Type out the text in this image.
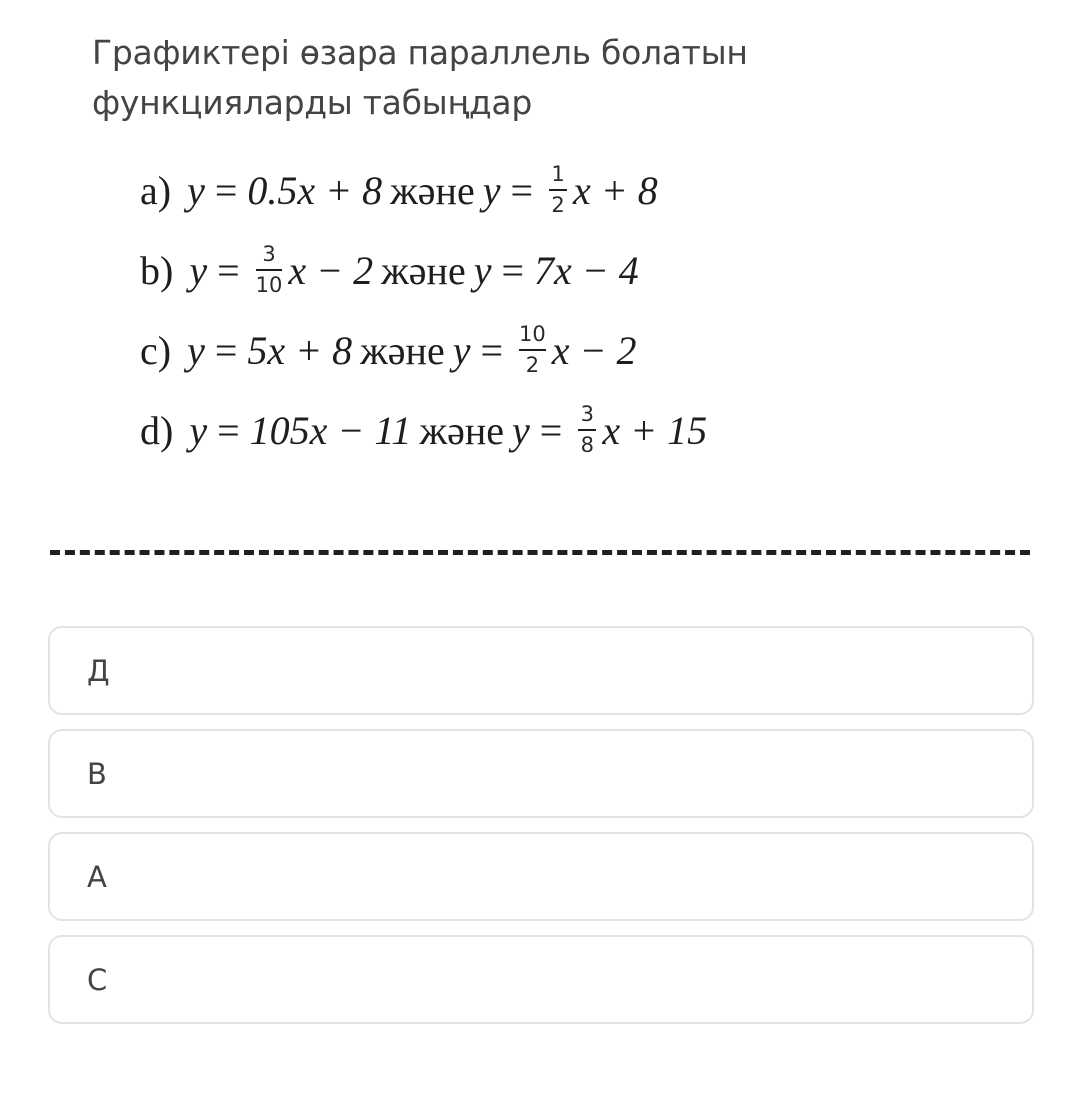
Графиктері өзара параллель болатын
функцияларды табыңдар
a) y = 0.5x + 8 және $y = \frac{1}{2}$ x + 8
b) $y = \frac{3}{10}$ x − 2 және y = 7x − 4
c) y = 5x + 8 және $y = \frac{10}{2}$ x − 2
d) y = 105x − 11 және $y = \frac{3}{8}$ x + 15
Д
B
A
C
